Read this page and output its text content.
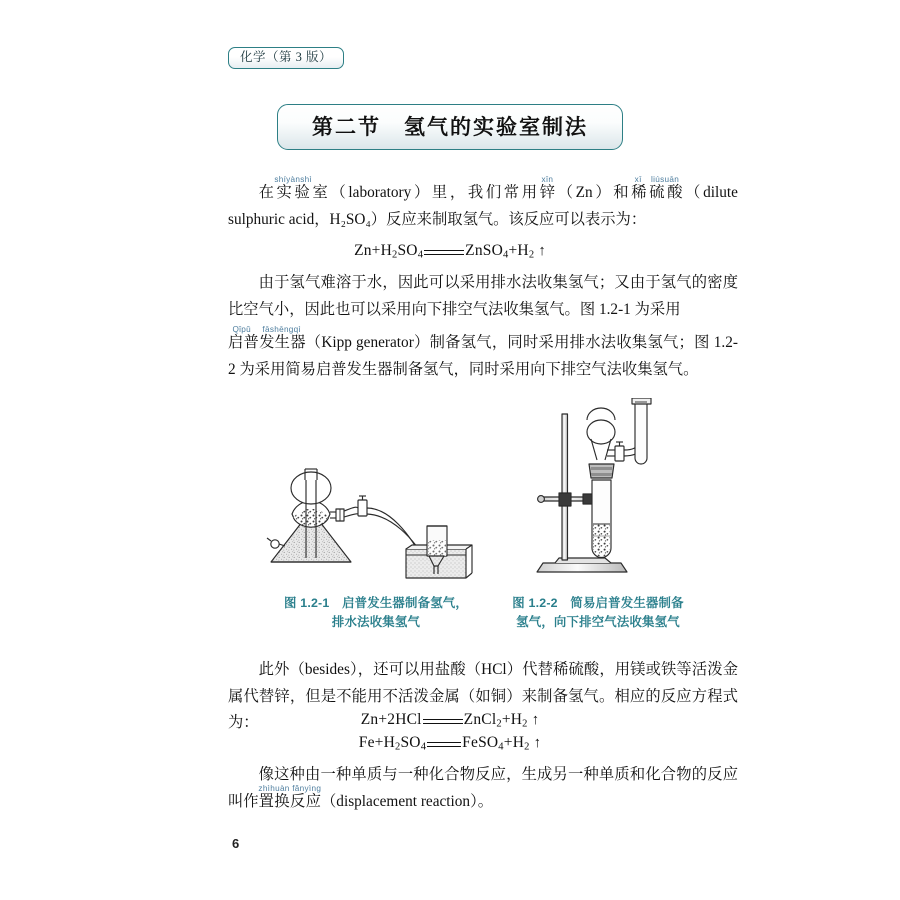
化学（第 3 版）
第二节　氢气的实验室制法
在实验室shíyànshì（laboratory）里，我们常用锌xīn（Zn）和稀硫酸xī liúsuān（dilute sulphuric acid，H₂SO₄）反应来制取氢气。该反应可以表示为：
$Zn+H_2SO_4$	$ZnSO_4+H_2$ ↑
由于氢气难溶于水，因此可以采用排水法收集氢气；又由于氢气的密度比空气小，因此也可以采用向下排空气法收集氢气。图 1.2-1 为采用
启普发生器Qǐpǔ fāshēngqì（Kipp generator）制备氢气，同时采用排水法收集氢气；图 1.2-2 为采用简易启普发生器制备氢气，同时采用向下排空气法收集氢气。
图 1.2-1　启普发生器制备氢气，
排水法收集氢气
图 1.2-2　简易启普发生器制备
氢气，向下排空气法收集氢气
此外（besides），还可以用盐酸（HCl）代替稀硫酸，用镁或铁等活泼金属代替锌，但是不能用不活泼金属（如铜）来制备氢气。相应的反应方程式为：	Zn+2HCl	$ZnCl_2+H_2$ ↑
$Fe+H_2SO_4$ $FeSO_4+H_2$ ↑
像这种由一种单质与一种化合物反应，生成另一种单质和化合物的反应叫作置换反应zhìhuàn fǎnyìng（displacement reaction）。
6
